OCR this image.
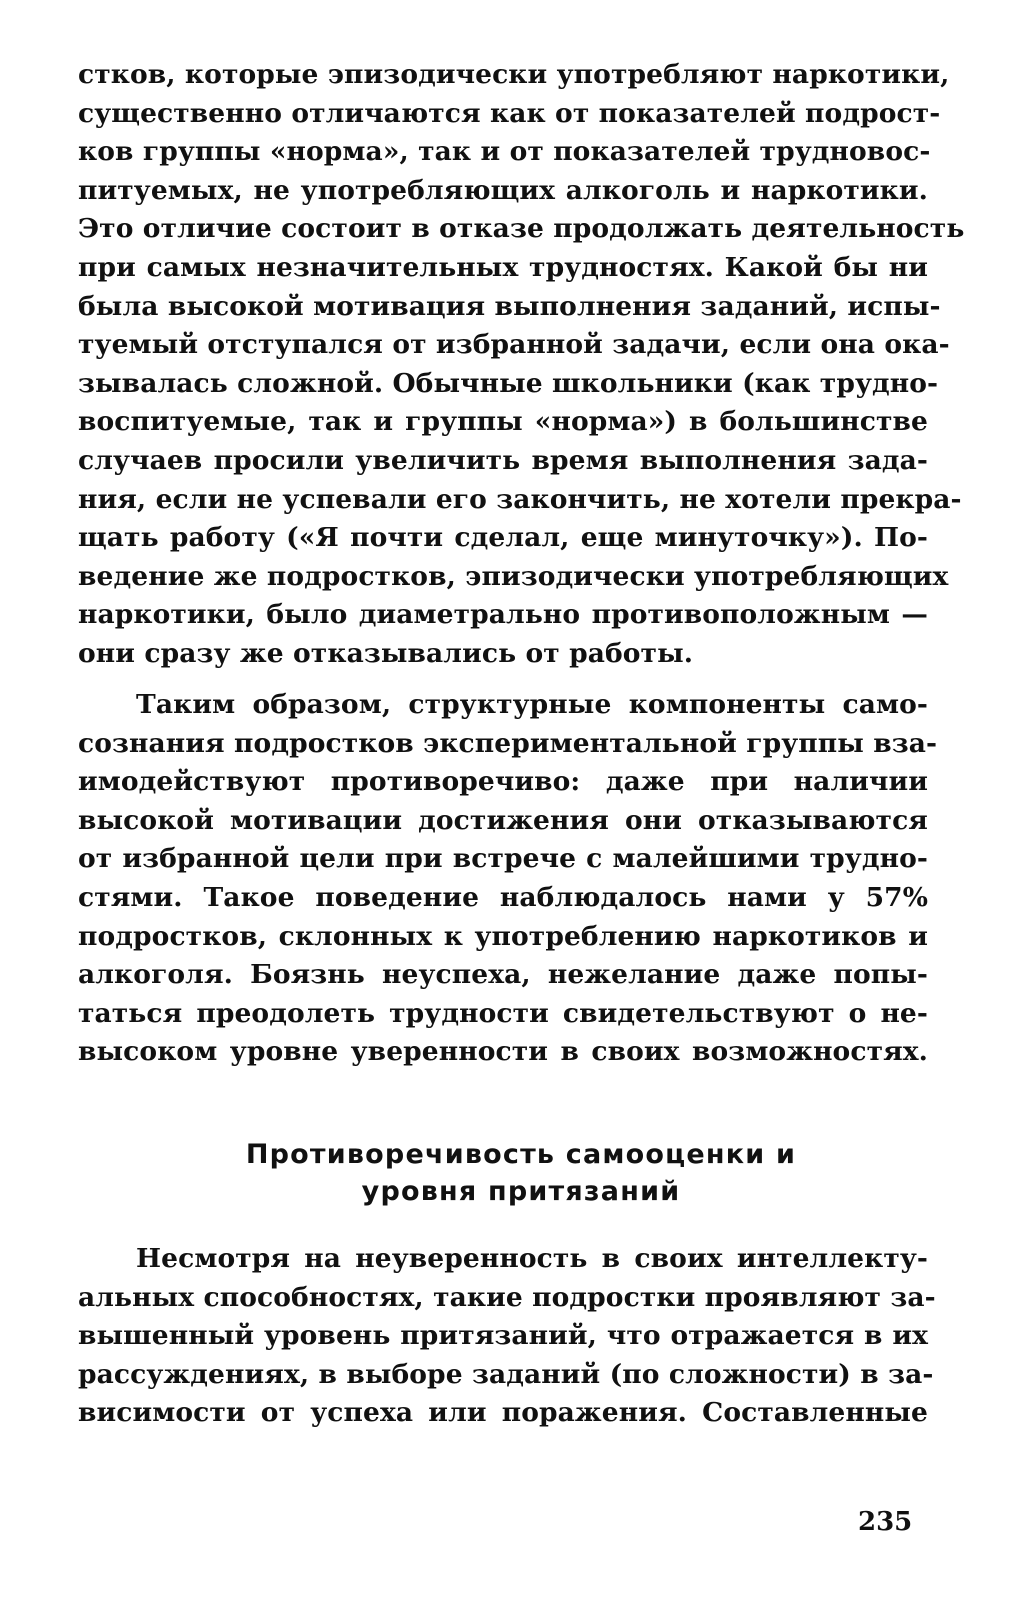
стков, которые эпизодически употребляют наркотики,
существенно отличаются как от показателей подрост-
ков группы «норма», так и от показателей трудновос-
питуемых, не употребляющих алкоголь и наркотики.
Это отличие состоит в отказе продолжать деятельность
при самых незначительных трудностях. Какой бы ни
была высокой мотивация выполнения заданий, испы-
туемый отступался от избранной задачи, если она ока-
зывалась сложной. Обычные школьники (как трудно-
воспитуемые, так и группы «норма») в большинстве
случаев просили увеличить время выполнения зада-
ния, если не успевали его закончить, не хотели прекра-
щать работу («Я почти сделал, еще минуточку»). По-
ведение же подростков, эпизодически употребляющих
наркотики, было диаметрально противоположным —
они сразу же отказывались от работы.
Таким образом, структурные компоненты само-
сознания подростков экспериментальной группы вза-
имодействуют противоречиво: даже при наличии
высокой мотивации достижения они отказываются
от избранной цели при встрече с малейшими трудно-
стями. Такое поведение наблюдалось нами у 57%
подростков, склонных к употреблению наркотиков и
алкоголя. Боязнь неуспеха, нежелание даже попы-
таться преодолеть трудности свидетельствуют о не-
высоком уровне уверенности в своих возможностях.
Противоречивость самооценки и
уровня притязаний
Несмотря на неуверенность в своих интеллекту-
альных способностях, такие подростки проявляют за-
вышенный уровень притязаний, что отражается в их
рассуждениях, в выборе заданий (по сложности) в за-
висимости от успеха или поражения. Составленные
235
